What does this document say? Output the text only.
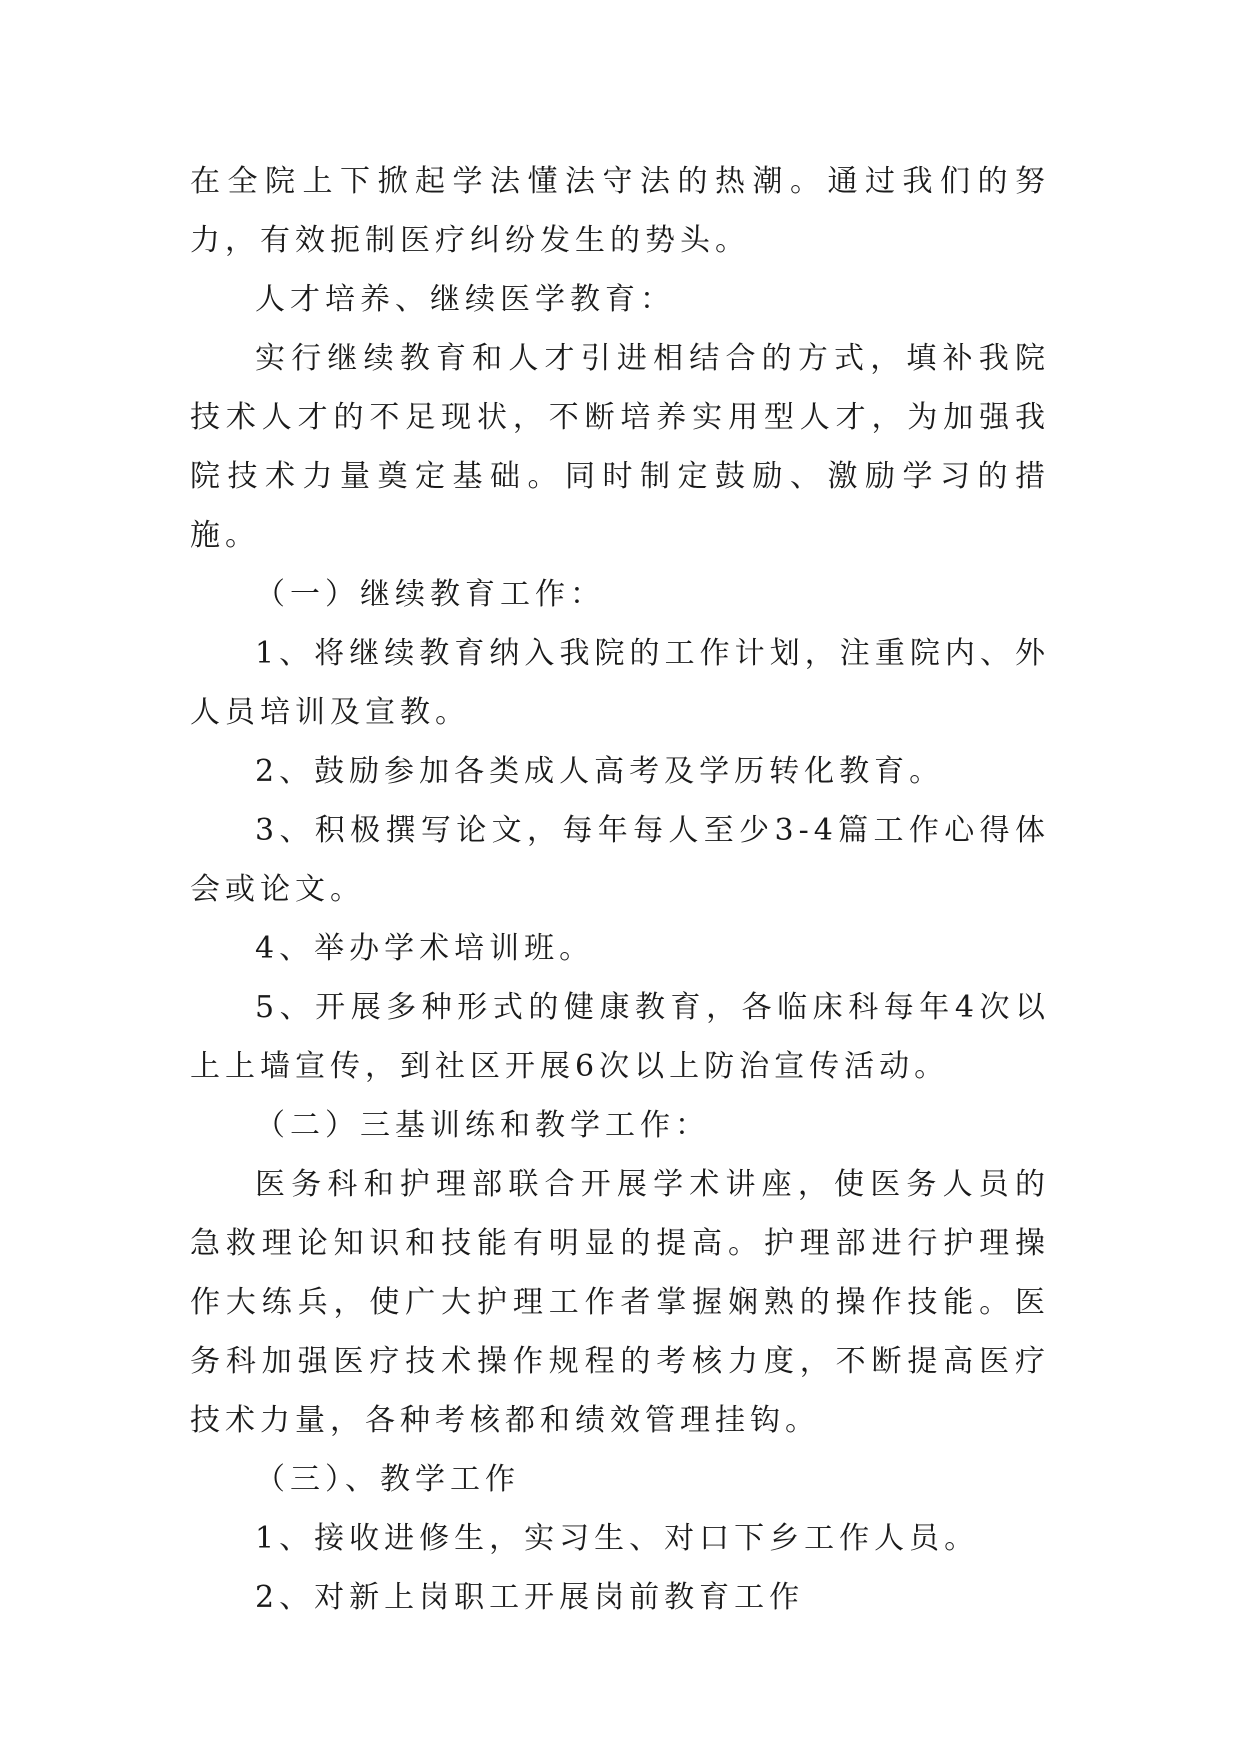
在全院上下掀起学法懂法守法的热潮。通过我们的努力，有效扼制医疗纠纷发生的势头。

人才培养、继续医学教育：

实行继续教育和人才引进相结合的方式，填补我院技术人才的不足现状，不断培养实用型人才，为加强我院技术力量奠定基础。同时制定鼓励、激励学习的措施。

（一）继续教育工作：

1、将继续教育纳入我院的工作计划，注重院内、外人员培训及宣教。

2、鼓励参加各类成人高考及学历转化教育。

3、积极撰写论文，每年每人至少3-4篇工作心得体会或论文。

4、举办学术培训班。

5、开展多种形式的健康教育，各临床科每年4次以上上墙宣传，到社区开展6次以上防治宣传活动。

（二）三基训练和教学工作：

医务科和护理部联合开展学术讲座，使医务人员的急救理论知识和技能有明显的提高。护理部进行护理操作大练兵，使广大护理工作者掌握娴熟的操作技能。医务科加强医疗技术操作规程的考核力度，不断提高医疗技术力量，各种考核都和绩效管理挂钩。

（三）、教学工作

1、接收进修生，实习生、对口下乡工作人员。

2、对新上岗职工开展岗前教育工作
